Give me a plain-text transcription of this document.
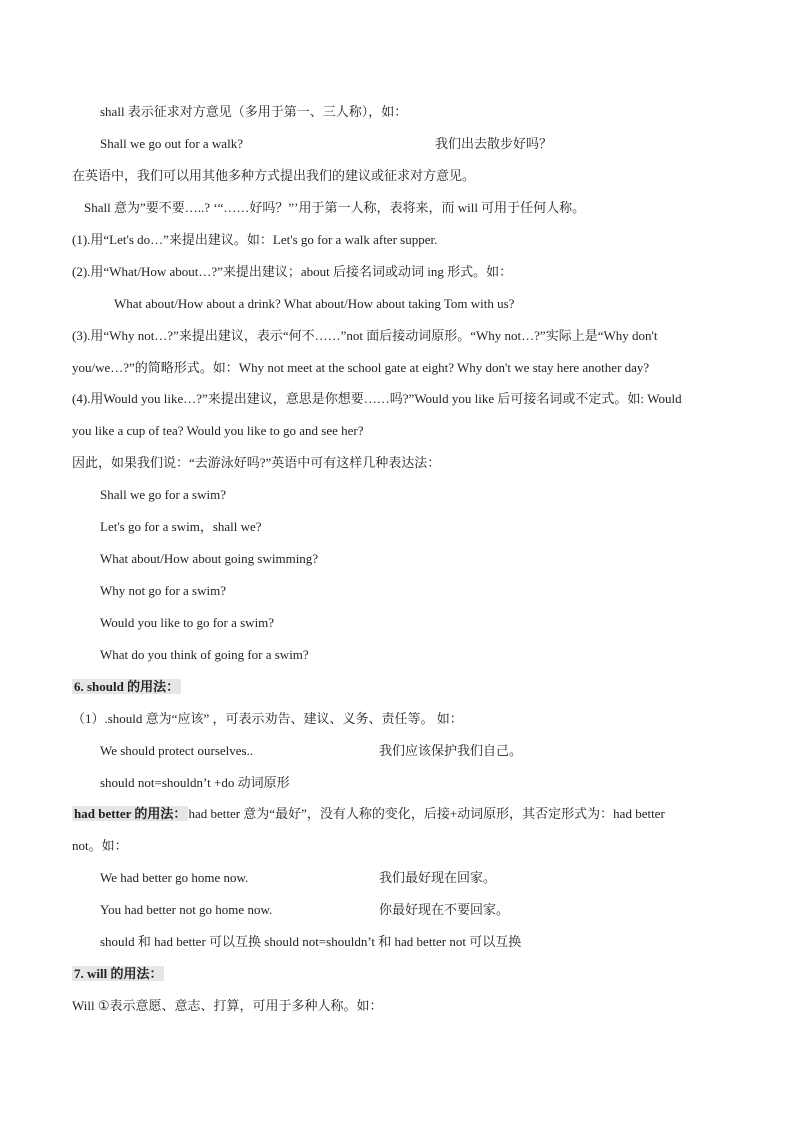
shall 表示征求对方意见（多用于第一、三人称），如：
Shall we go out for a walk?	我们出去散步好吗？
在英语中，我们可以用其他多种方式提出我们的建议或征求对方意见。
Shall 意为”要不要…..? ‘“……好吗？”’用于第一人称，表将来，而 will 可用于任何人称。
(1).用“Let's do…”来提出建议。如：Let's go for a walk after supper.
(2).用“What/How about…?”来提出建议；about 后接名词或动词 ing 形式。如：
What about/How about a drink? What about/How about taking Tom with us?
(3).用“Why not…?”来提出建议，表示“何不……”not 面后接动词原形。“Why not…?”实际上是“Why don't
you/we…?”的简略形式。如：Why not meet at the school gate at eight? Why don't we stay here another day?
(4).用Would you like…?”来提出建议，意思是你想要……吗?”Would you like 后可接名词或不定式。如: Would
you like a cup of tea? Would you like to go and see her?
因此，如果我们说：“去游泳好吗?”英语中可有这样几种表达法：
Shall we go for a swim?
Let's go for a swim，shall we?
What about/How about going swimming?
Why not go for a swim?
Would you like to go for a swim?
What do you think of going for a swim?
6. should 的用法：
（1）.should 意为“应该” ，可表示劝告、建议、义务、责任等。 如：
We should protect ourselves..	我们应该保护我们自己。
should not=shouldn’t +do 动词原形
had better 的用法： had better 意为“最好”，没有人称的变化，后接+动词原形，其否定形式为：had better
not。如：
We had better go home now.	我们最好现在回家。
You had better not go home now.	你最好现在不要回家。
should 和 had better 可以互换 should not=shouldn’t 和 had better not 可以互换
7. will 的用法：
Will ①表示意愿、意志、打算，可用于多种人称。如：
